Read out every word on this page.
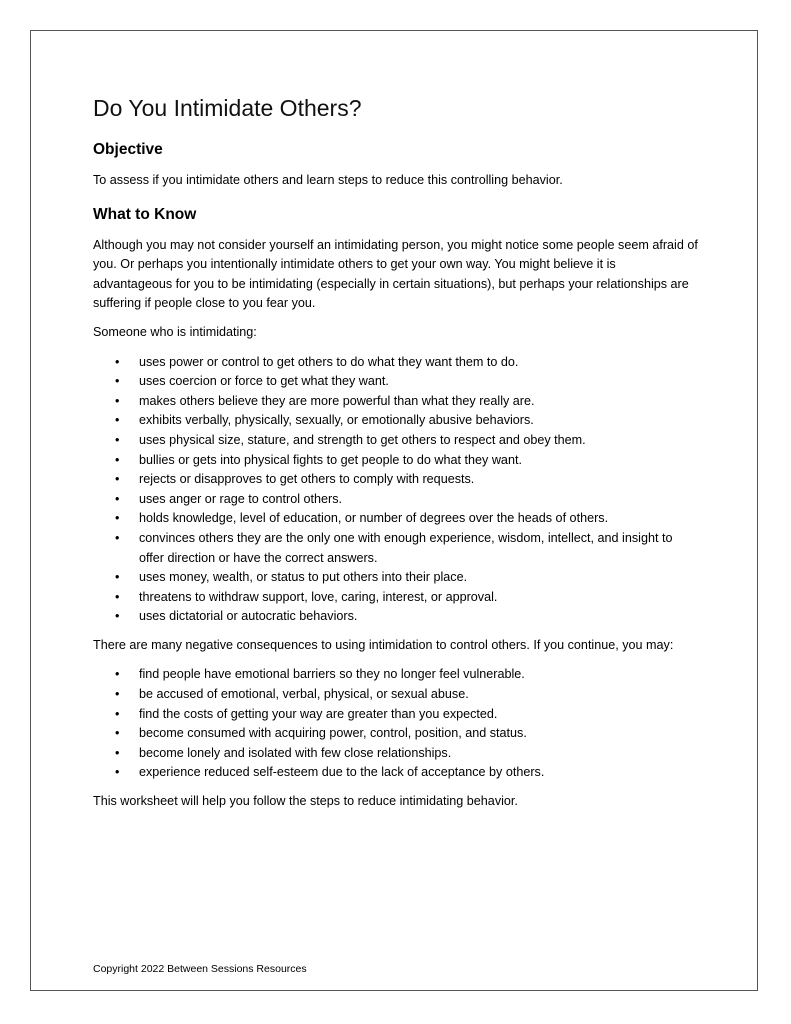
Do You Intimidate Others?
Objective

To assess if you intimidate others and learn steps to reduce this controlling behavior.

What to Know

Although you may not consider yourself an intimidating person, you might notice some people seem afraid of you. Or perhaps you intentionally intimidate others to get your own way. You might believe it is advantageous for you to be intimidating (especially in certain situations), but perhaps your relationships are suffering if people close to you fear you.

Someone who is intimidating:

• uses power or control to get others to do what they want them to do.
• uses coercion or force to get what they want.
• makes others believe they are more powerful than what they really are.
• exhibits verbally, physically, sexually, or emotionally abusive behaviors.
• uses physical size, stature, and strength to get others to respect and obey them.
• bullies or gets into physical fights to get people to do what they want.
• rejects or disapproves to get others to comply with requests.
• uses anger or rage to control others.
• holds knowledge, level of education, or number of degrees over the heads of others.
• convinces others they are the only one with enough experience, wisdom, intellect, and insight to offer direction or have the correct answers.
• uses money, wealth, or status to put others into their place.
• threatens to withdraw support, love, caring, interest, or approval.
• uses dictatorial or autocratic behaviors.

There are many negative consequences to using intimidation to control others. If you continue, you may:

• find people have emotional barriers so they no longer feel vulnerable.
• be accused of emotional, verbal, physical, or sexual abuse.
• find the costs of getting your way are greater than you expected.
• become consumed with acquiring power, control, position, and status.
• become lonely and isolated with few close relationships.
• experience reduced self-esteem due to the lack of acceptance by others.

This worksheet will help you follow the steps to reduce intimidating behavior.

Copyright 2022 Between Sessions Resources
